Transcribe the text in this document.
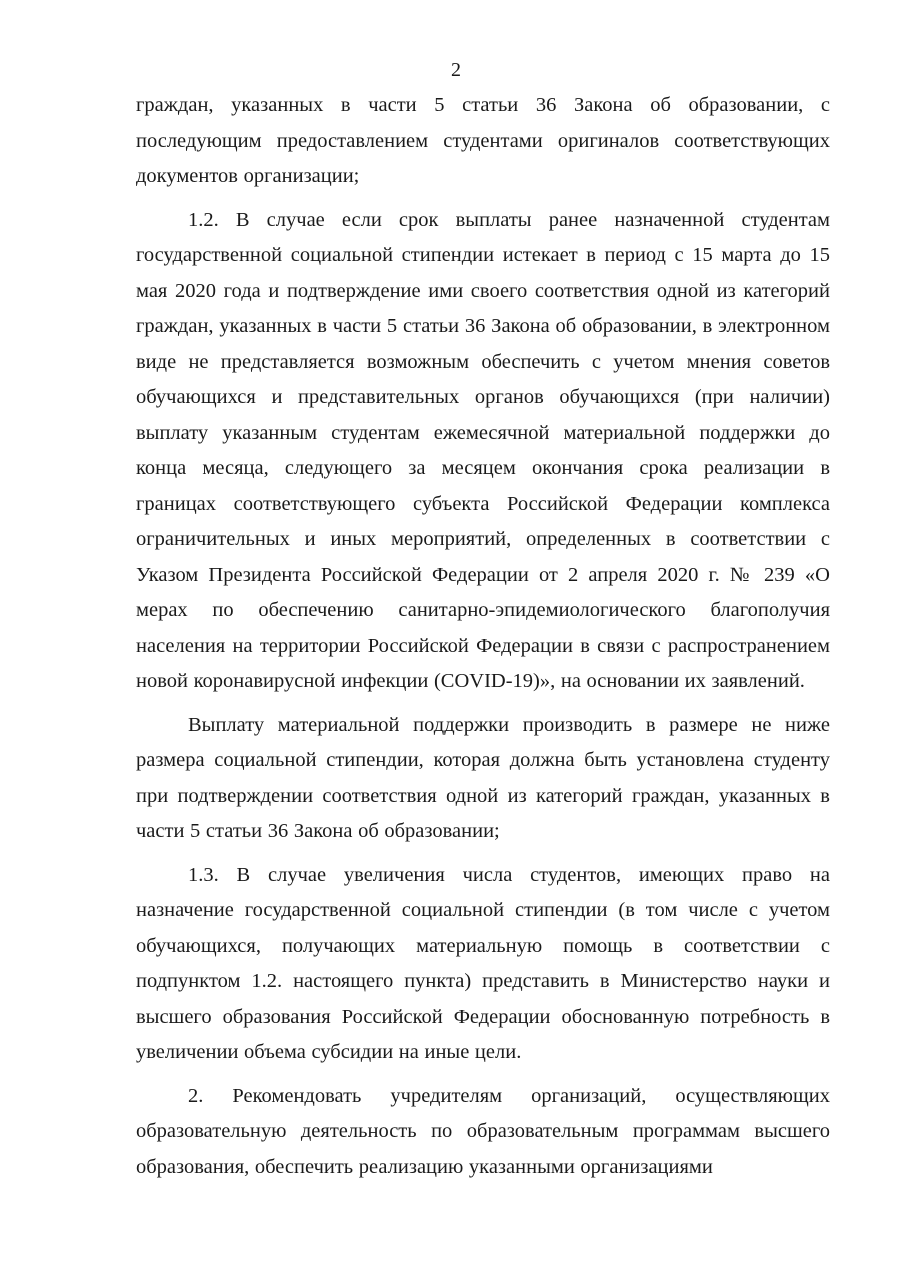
2

граждан, указанных в части 5 статьи 36 Закона об образовании, с последующим предоставлением студентами оригиналов соответствующих документов организации;

1.2. В случае если срок выплаты ранее назначенной студентам государственной социальной стипендии истекает в период с 15 марта до 15 мая 2020 года и подтверждение ими своего соответствия одной из категорий граждан, указанных в части 5 статьи 36 Закона об образовании, в электронном виде не представляется возможным обеспечить с учетом мнения советов обучающихся и представительных органов обучающихся (при наличии) выплату указанным студентам ежемесячной материальной поддержки до конца месяца, следующего за месяцем окончания срока реализации в границах соответствующего субъекта Российской Федерации комплекса ограничительных и иных мероприятий, определенных в соответствии с Указом Президента Российской Федерации от 2 апреля 2020 г. № 239 «О мерах по обеспечению санитарно-эпидемиологического благополучия населения на территории Российской Федерации в связи с распространением новой коронавирусной инфекции (COVID-19)», на основании их заявлений.

Выплату материальной поддержки производить в размере не ниже размера социальной стипендии, которая должна быть установлена студенту при подтверждении соответствия одной из категорий граждан, указанных в части 5 статьи 36 Закона об образовании;

1.3. В случае увеличения числа студентов, имеющих право на назначение государственной социальной стипендии (в том числе с учетом обучающихся, получающих материальную помощь в соответствии с подпунктом 1.2. настоящего пункта) представить в Министерство науки и высшего образования Российской Федерации обоснованную потребность в увеличении объема субсидии на иные цели.

2. Рекомендовать учредителям организаций, осуществляющих образовательную деятельность по образовательным программам высшего образования, обеспечить реализацию указанными организациями
